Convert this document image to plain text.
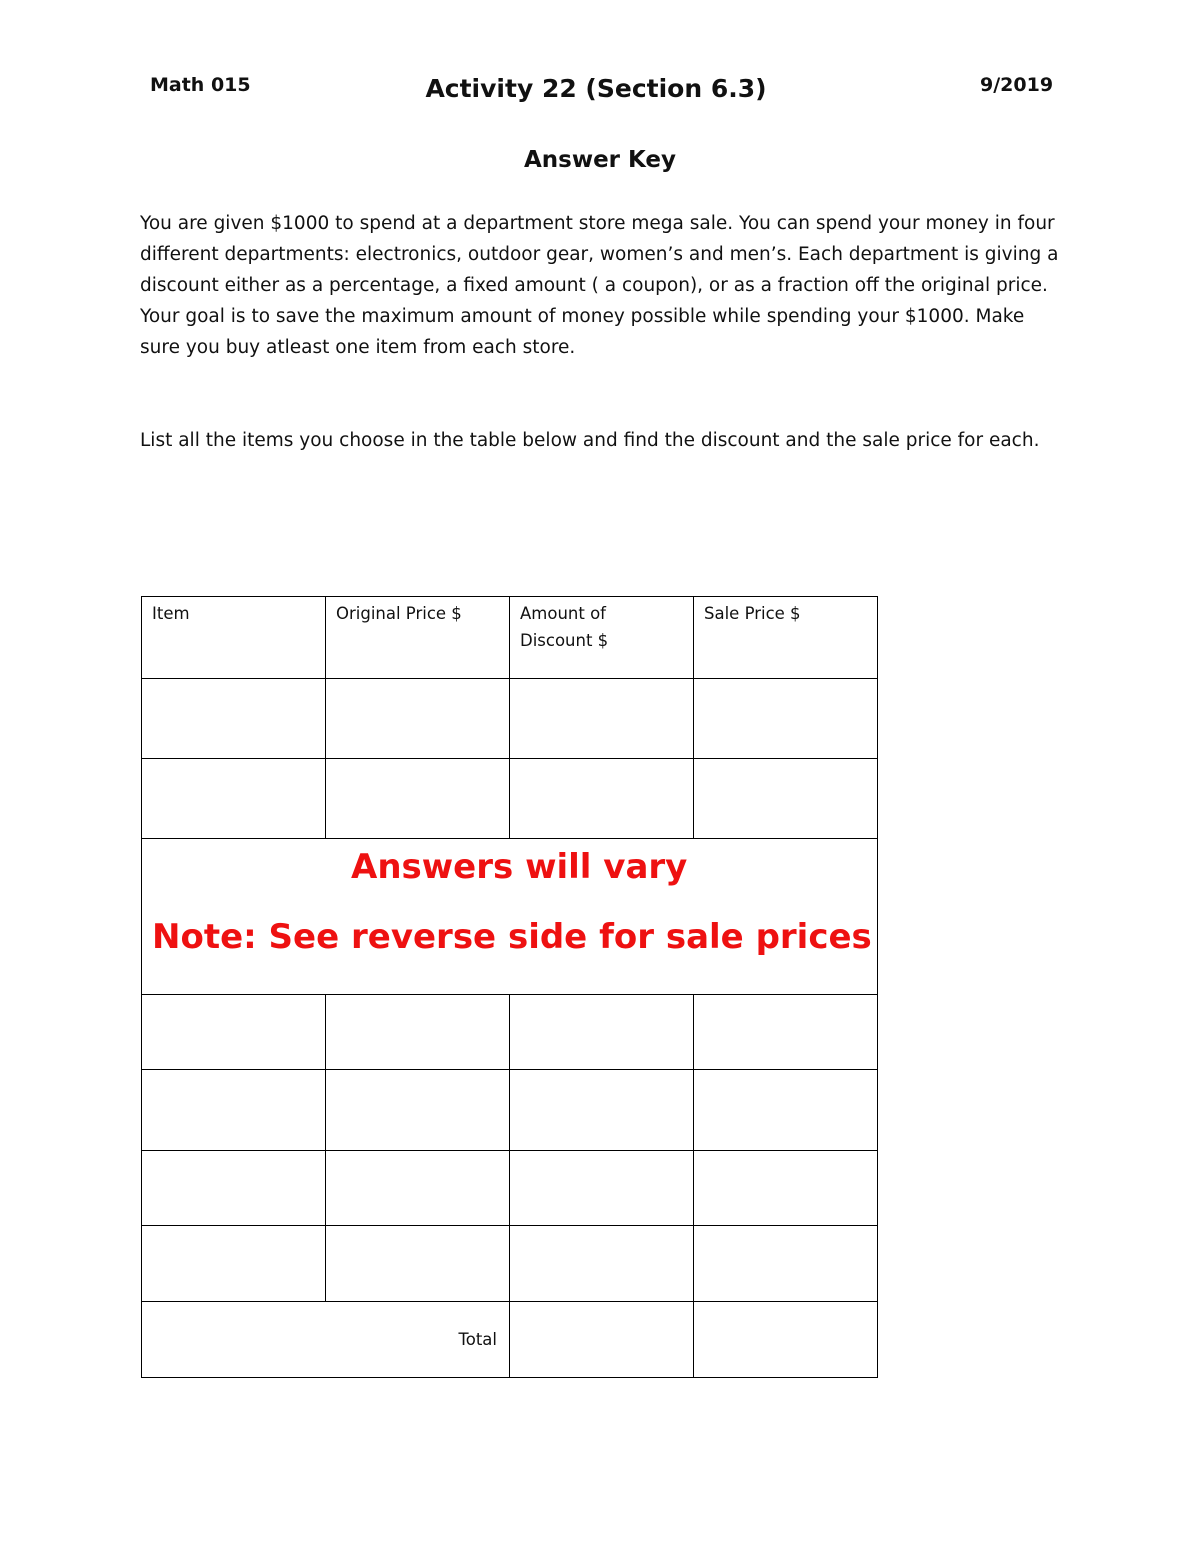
Math 015	Activity 22 (Section 6.3)	9/2019
Answer Key
You are given $1000 to spend at a department store mega sale. You can spend your money in four different departments: electronics, outdoor gear, women’s and men’s. Each department is giving a discount either as a percentage, a fixed amount ( a coupon), or as a fraction off the original price. Your goal is to save the maximum amount of money possible while spending your $1000. Make sure you buy atleast one item from each store.
List all the items you choose in the table below and find the discount and the sale price for each.
Item	Original Price $	Amount of Discount $	Sale Price $

Answers will vary
Note: See reverse side for sale prices			

Total			
